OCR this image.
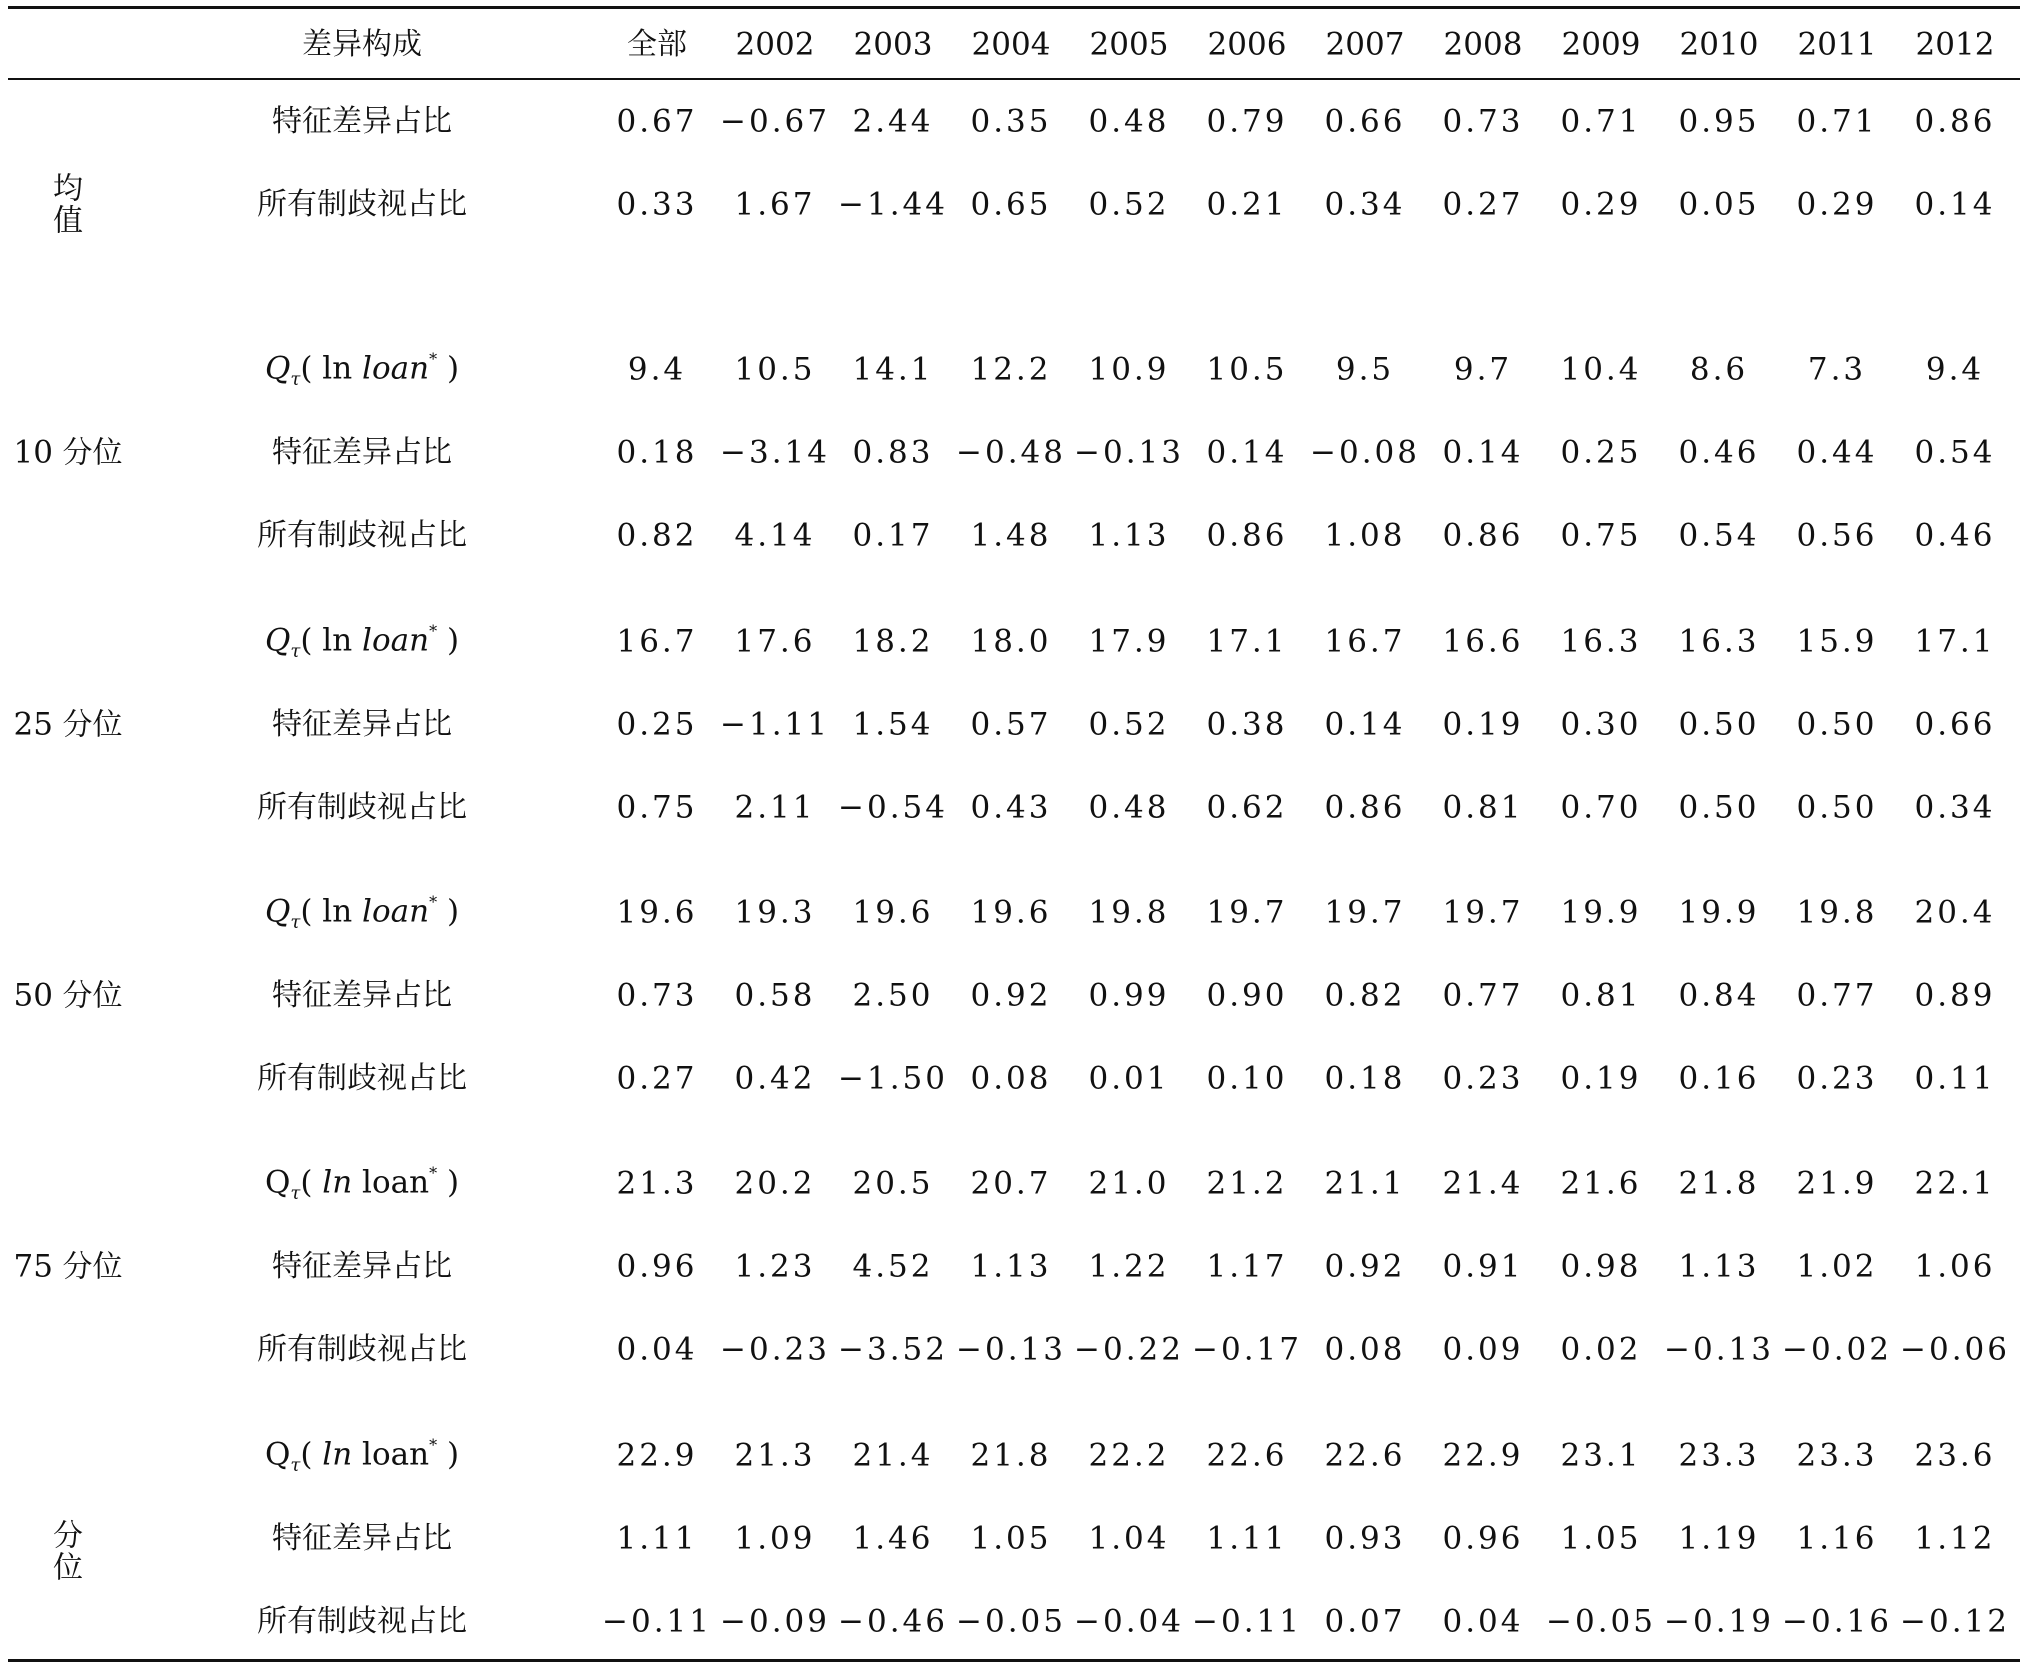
差异构成	全部 2002 2003 2004 2005 2006 2007 2008 2009 2010 2011 2012
均
值
特征差异占比	0.67 −0.67 2.44 0.35 0.48 0.79 0.66 0.73 0.71 0.95 0.71 0.86
所有制歧视占比	0.33 1.67 −1.44 0.65 0.52 0.21 0.34 0.27 0.29 0.05 0.29 0.14
10 分位
$Q_\tau$( ln loan* )	9.4 10.5 14.1 12.2 10.9 10.5 9.5 9.7 10.4 8.6 7.3 9.4
特征差异占比	0.18 −3.14 0.83 −0.48 −0.13 0.14 −0.08 0.14 0.25 0.46 0.44 0.54
所有制歧视占比	0.82 4.14 0.17 1.48 1.13 0.86 1.08 0.86 0.75 0.54 0.56 0.46
25 分位
$Q_\tau$( ln loan* )	16.7 17.6 18.2 18.0 17.9 17.1 16.7 16.6 16.3 16.3 15.9 17.1
特征差异占比	0.25 −1.11 1.54 0.57 0.52 0.38 0.14 0.19 0.30 0.50 0.50 0.66
所有制歧视占比	0.75 2.11 −0.54 0.43 0.48 0.62 0.86 0.81 0.70 0.50 0.50 0.34
50 分位
$Q_\tau$( ln loan* )	19.6 19.3 19.6 19.6 19.8 19.7 19.7 19.7 19.9 19.9 19.8 20.4
特征差异占比	0.73 0.58 2.50 0.92 0.99 0.90 0.82 0.77 0.81 0.84 0.77 0.89
所有制歧视占比	0.27 0.42 −1.50 0.08 0.01 0.10 0.18 0.23 0.19 0.16 0.23 0.11
75 分位
$Q_\tau$( ln loan* )	21.3 20.2 20.5 20.7 21.0 21.2 21.1 21.4 21.6 21.8 21.9 22.1
特征差异占比	0.96 1.23 4.52 1.13 1.22 1.17 0.92 0.91 0.98 1.13 1.02 1.06
所有制歧视占比	0.04 −0.23 −3.52 −0.13 −0.22 −0.17 0.08 0.09 0.02 −0.13 −0.02 −0.06
分
位
$Q_\tau$( ln loan* )	22.9 21.3 21.4 21.8 22.2 22.6 22.6 22.9 23.1 23.3 23.3 23.6
特征差异占比	1.11 1.09 1.46 1.05 1.04 1.11 0.93 0.96 1.05 1.19 1.16 1.12
所有制歧视占比	−0.11 −0.09 −0.46 −0.05 −0.04 −0.11 0.07 0.04 −0.05 −0.19 −0.16 −0.12
